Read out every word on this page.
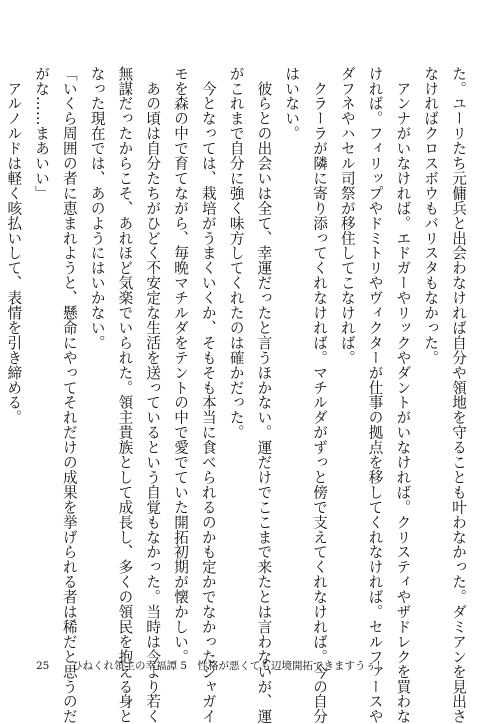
た。ユーリたち元傭兵と出会わなければ自分や領地を守ることも叶わなかった。ダミアンを見出さ

なければクロスボウもバリスタもなかった。

　アンナがいなければ。エドガーやリックやダントがいなければ。クリスティやザドレクを買わな

ければ。フィリップやドミトリやヴィクターが仕事の拠点を移してくれなければ。セルファースや

ダフネやハセル司祭が移住してこなければ。

　クラーラが隣に寄り添ってくれなければ。マチルダがずっと傍で支えてくれなければ。今の自分

はいない。

　彼らとの出会いは全て、幸運だったと言うほかない。運だけでここまで来たとは言わないが、運

がこれまで自分に強く味方してくれたのは確かだった。

　今となっては、栽培がうまくいくか、そもそも本当に食べられるのかも定かでなかったジャガイ

モを森の中で育てながら、毎晩マチルダをテントの中で愛でていた開拓初期が懐かしい。

　あの頃は自分たちがひどく不安定な生活を送っているという自覚もなかった。当時は今より若く

無謀だったからこそ、あれほど気楽でいられた。領主貴族として成長し、多くの領民を抱える身と

なった現在では、あのようにはいかない。

「いくら周囲の者に恵まれようと、懸命にやってそれだけの成果を挙げられる者は稀だと思うのだ

がな……まあいい」

　アルノルドは軽く咳払いして、表情を引き締める。

25 ひねくれ領主の幸福譚 5　性格が悪くても辺境開拓できますうぅ！
